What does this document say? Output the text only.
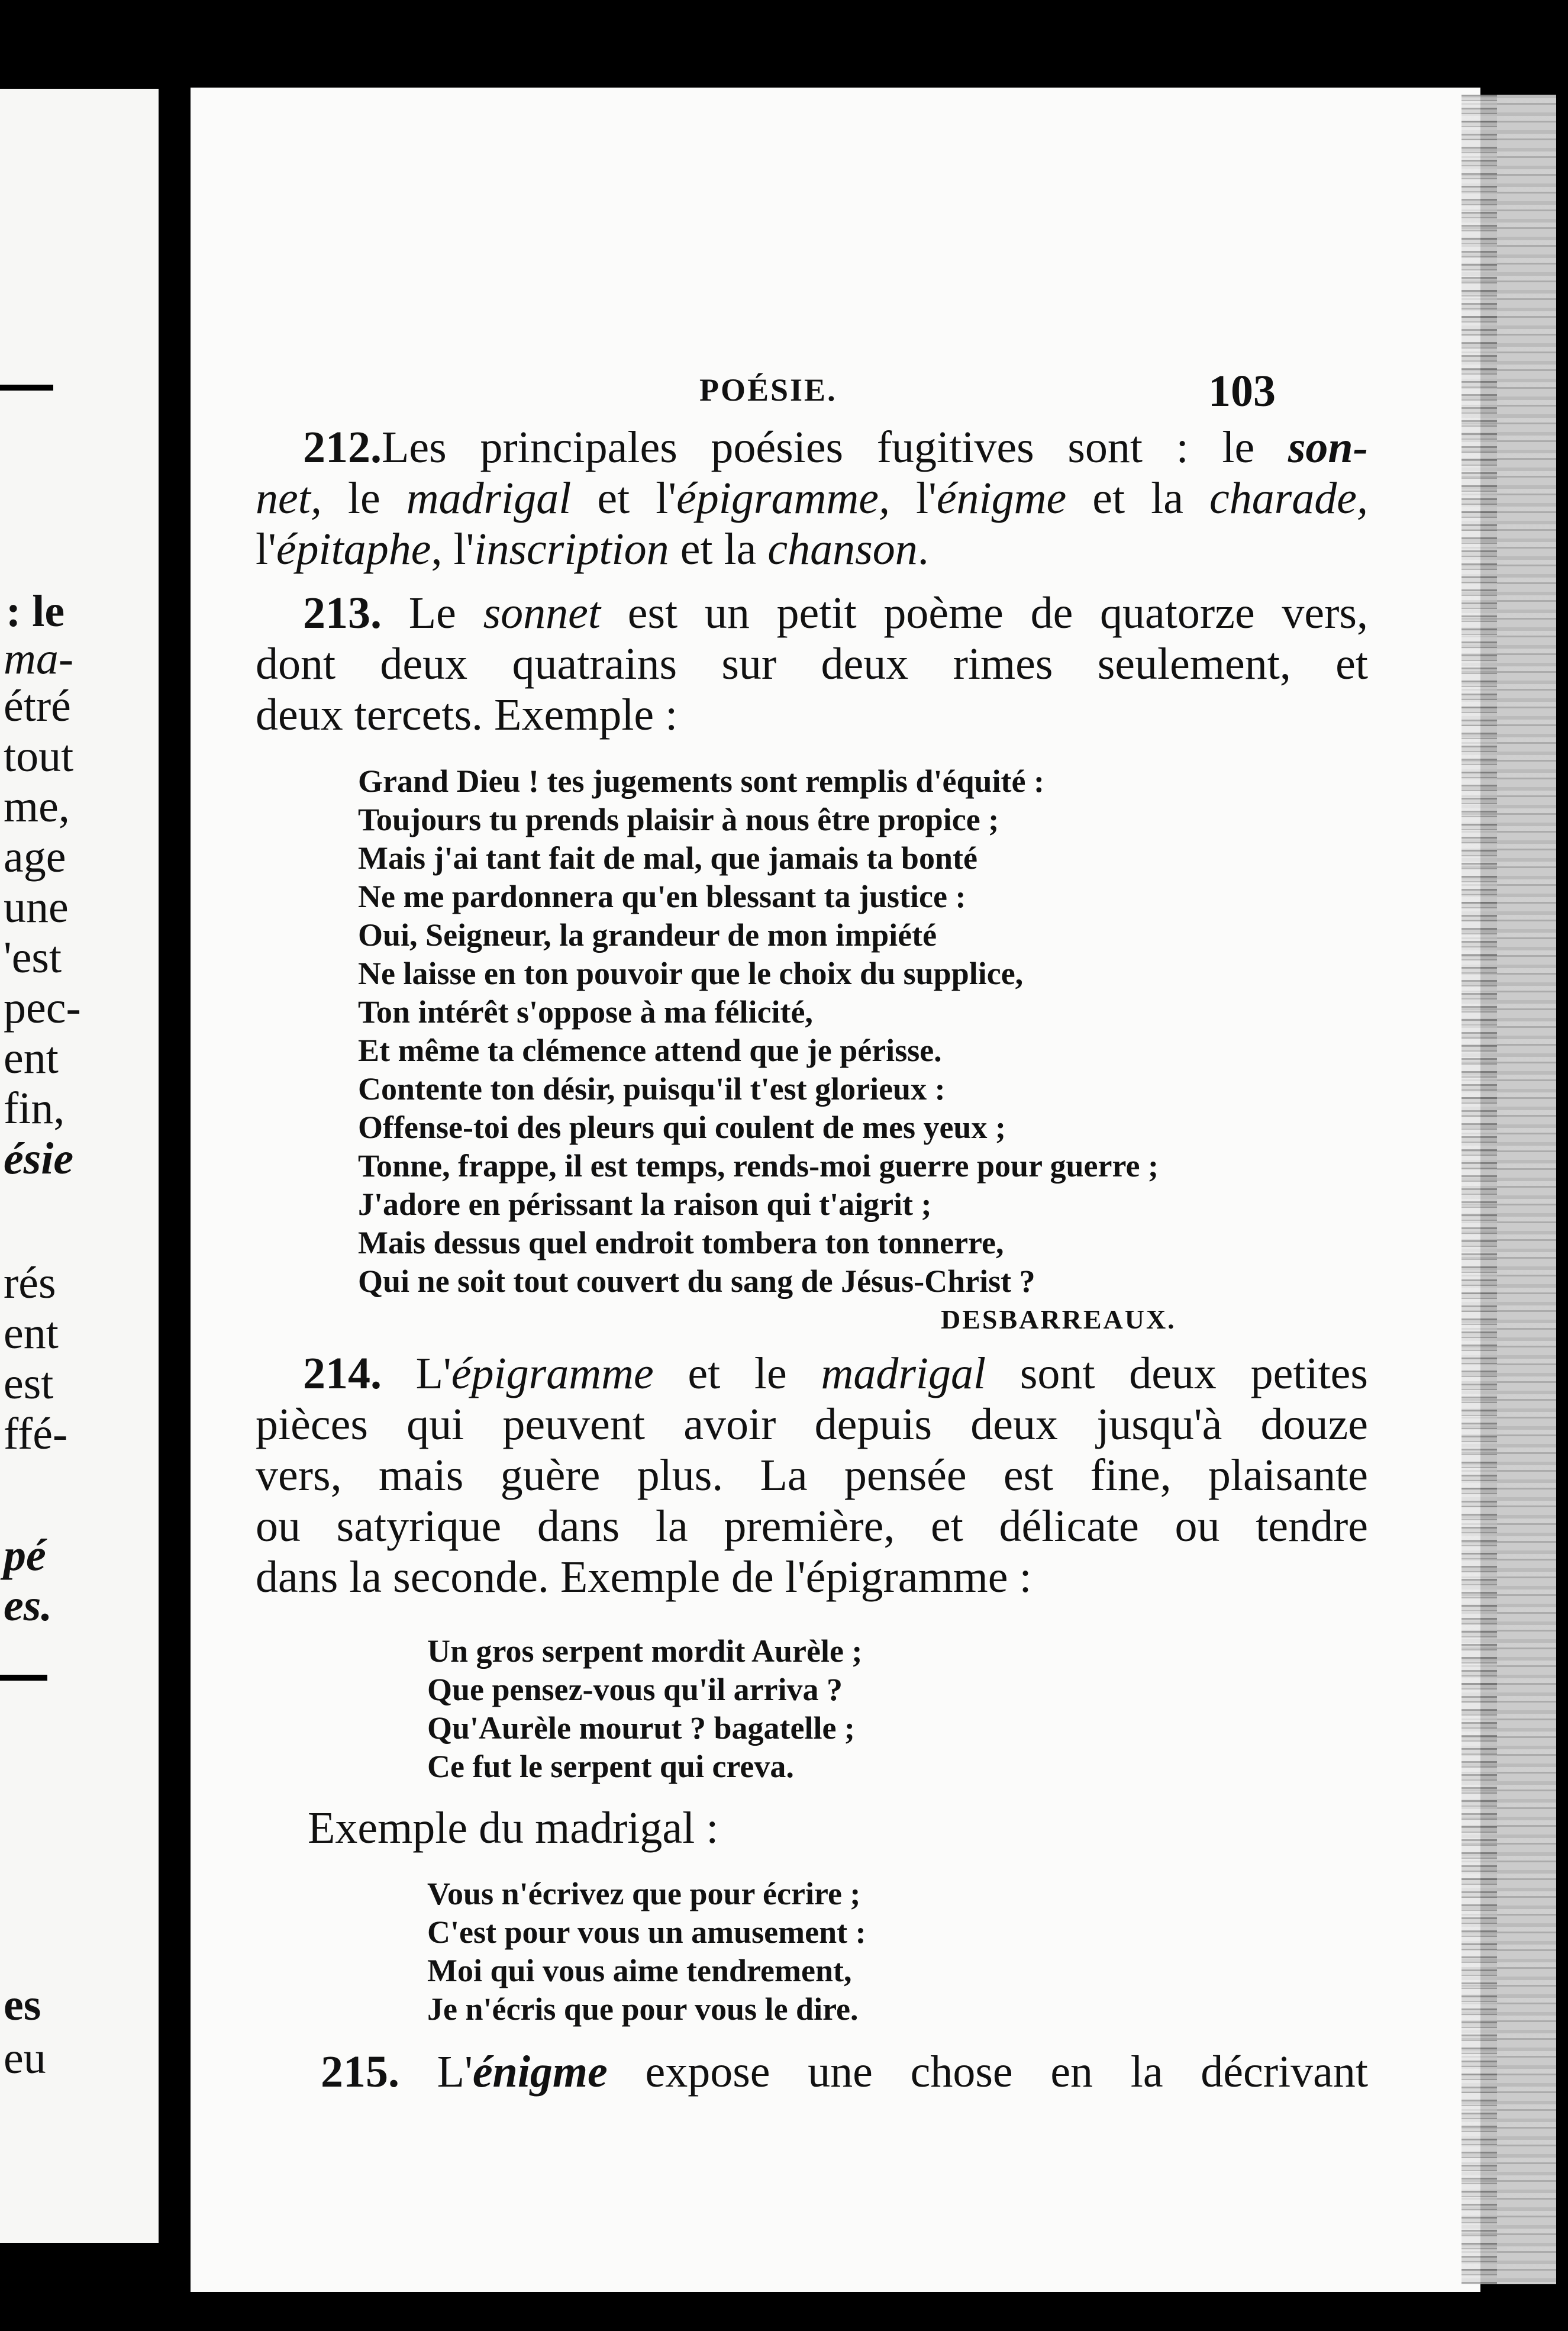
: le
ma-
étré
tout
me,
age
une
'est
pec-
ent
fin,
ésie
rés
ent
est
ffé-
pé
es.
es
eu
POÉSIE.	103
212.Les principales poésies fugitives sont : le son-
net, le madrigal et l'épigramme, l'énigme et la charade,
l'épitaphe, l'inscription et la chanson.
213. Le sonnet est un petit poème de quatorze vers,
dont deux quatrains sur deux rimes seulement, et
deux tercets. Exemple :
Grand Dieu ! tes jugements sont remplis d'équité :
Toujours tu prends plaisir à nous être propice ;
Mais j'ai tant fait de mal, que jamais ta bonté
Ne me pardonnera qu'en blessant ta justice :
Oui, Seigneur, la grandeur de mon impiété
Ne laisse en ton pouvoir que le choix du supplice,
Ton intérêt s'oppose à ma félicité,
Et même ta clémence attend que je périsse.
Contente ton désir, puisqu'il t'est glorieux :
Offense-toi des pleurs qui coulent de mes yeux ;
Tonne, frappe, il est temps, rends-moi guerre pour guerre ;
J'adore en périssant la raison qui t'aigrit ;
Mais dessus quel endroit tombera ton tonnerre,
Qui ne soit tout couvert du sang de Jésus-Christ ?
DESBARREAUX.
214. L'épigramme et le madrigal sont deux petites
pièces qui peuvent avoir depuis deux jusqu'à douze
vers, mais guère plus. La pensée est fine, plaisante
ou satyrique dans la première, et délicate ou tendre
dans la seconde. Exemple de l'épigramme :
Un gros serpent mordit Aurèle ;
Que pensez-vous qu'il arriva ?
Qu'Aurèle mourut ? bagatelle ;
Ce fut le serpent qui creva.
Exemple du madrigal :
Vous n'écrivez que pour écrire ;
C'est pour vous un amusement :
Moi qui vous aime tendrement,
Je n'écris que pour vous le dire.
215. L'énigme expose une chose en la décrivant
